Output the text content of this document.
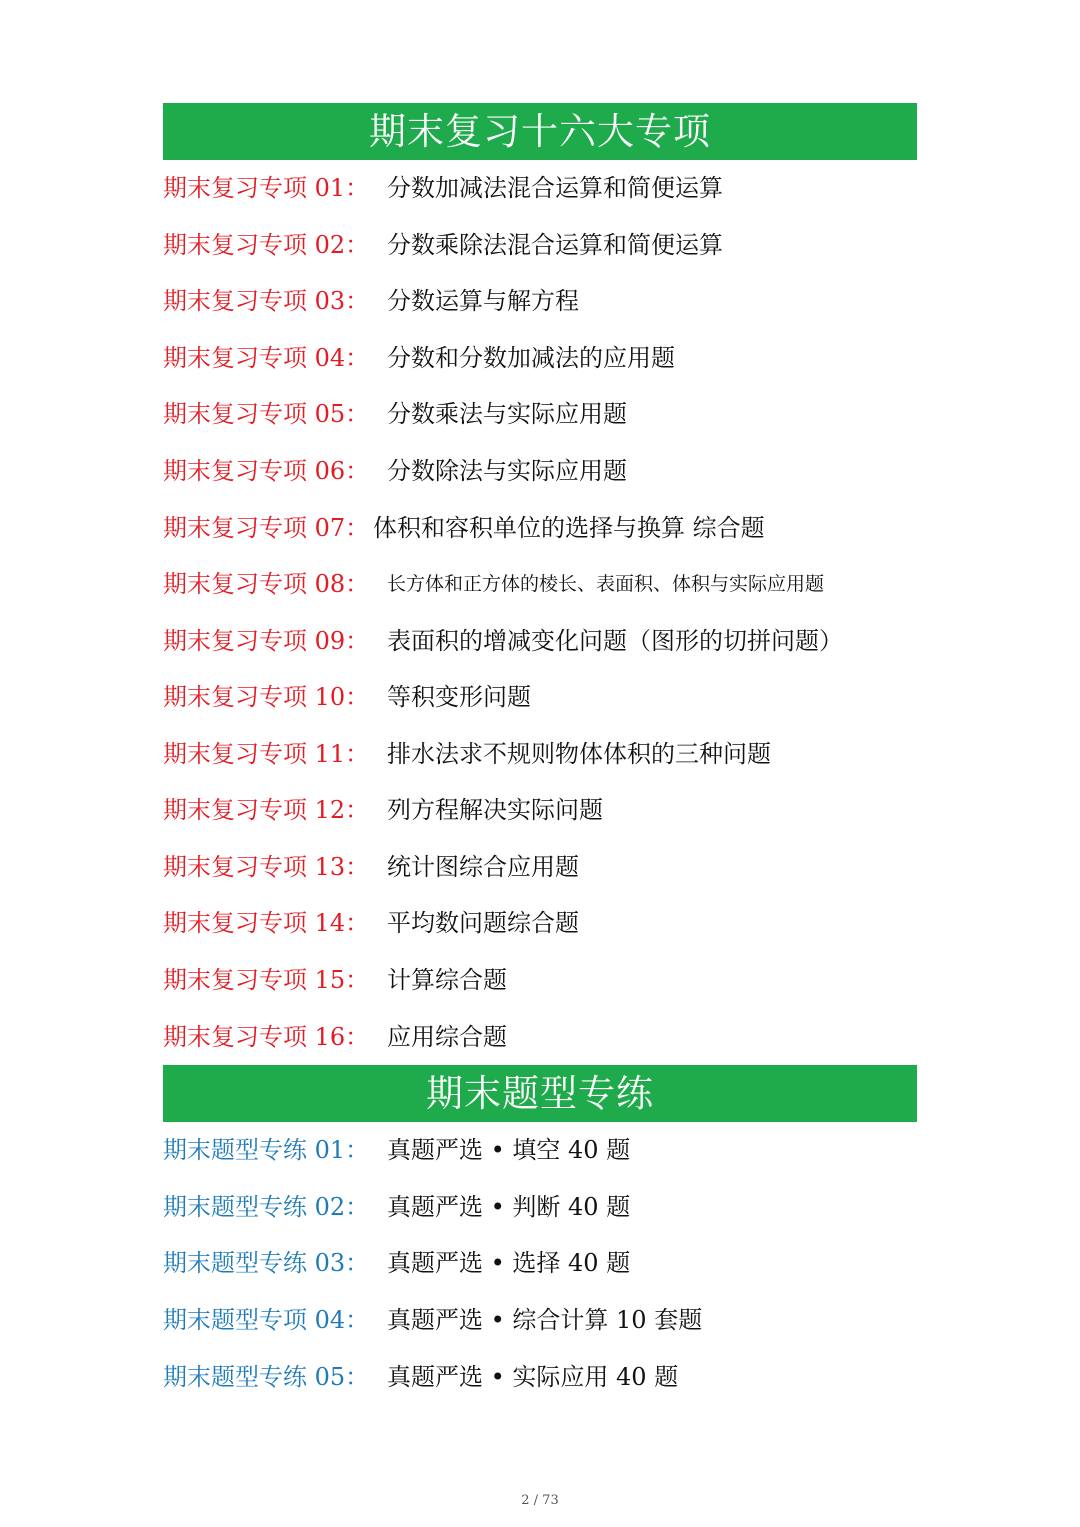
期末复习十六大专项
期末复习专项 01： 分数加减法混合运算和简便运算
期末复习专项 02： 分数乘除法混合运算和简便运算
期末复习专项 03： 分数运算与解方程
期末复习专项 04： 分数和分数加减法的应用题
期末复习专项 05： 分数乘法与实际应用题
期末复习专项 06： 分数除法与实际应用题
期末复习专项 07： 体积和容积单位的选择与换算 综合题
期末复习专项 08： 长方体和正方体的棱长、表面积、体积与实际应用题
期末复习专项 09： 表面积的增减变化问题（图形的切拼问题）
期末复习专项 10： 等积变形问题
期末复习专项 11： 排水法求不规则物体体积的三种问题
期末复习专项 12： 列方程解决实际问题
期末复习专项 13： 统计图综合应用题
期末复习专项 14： 平均数问题综合题
期末复习专项 15： 计算综合题
期末复习专项 16： 应用综合题
期末题型专练
期末题型专练 01： 真题严选 • 填空 40 题
期末题型专练 02： 真题严选 • 判断 40 题
期末题型专练 03： 真题严选 • 选择 40 题
期末题型专项 04： 真题严选 • 综合计算 10 套题
期末题型专练 05： 真题严选 • 实际应用 40 题
2 / 73
